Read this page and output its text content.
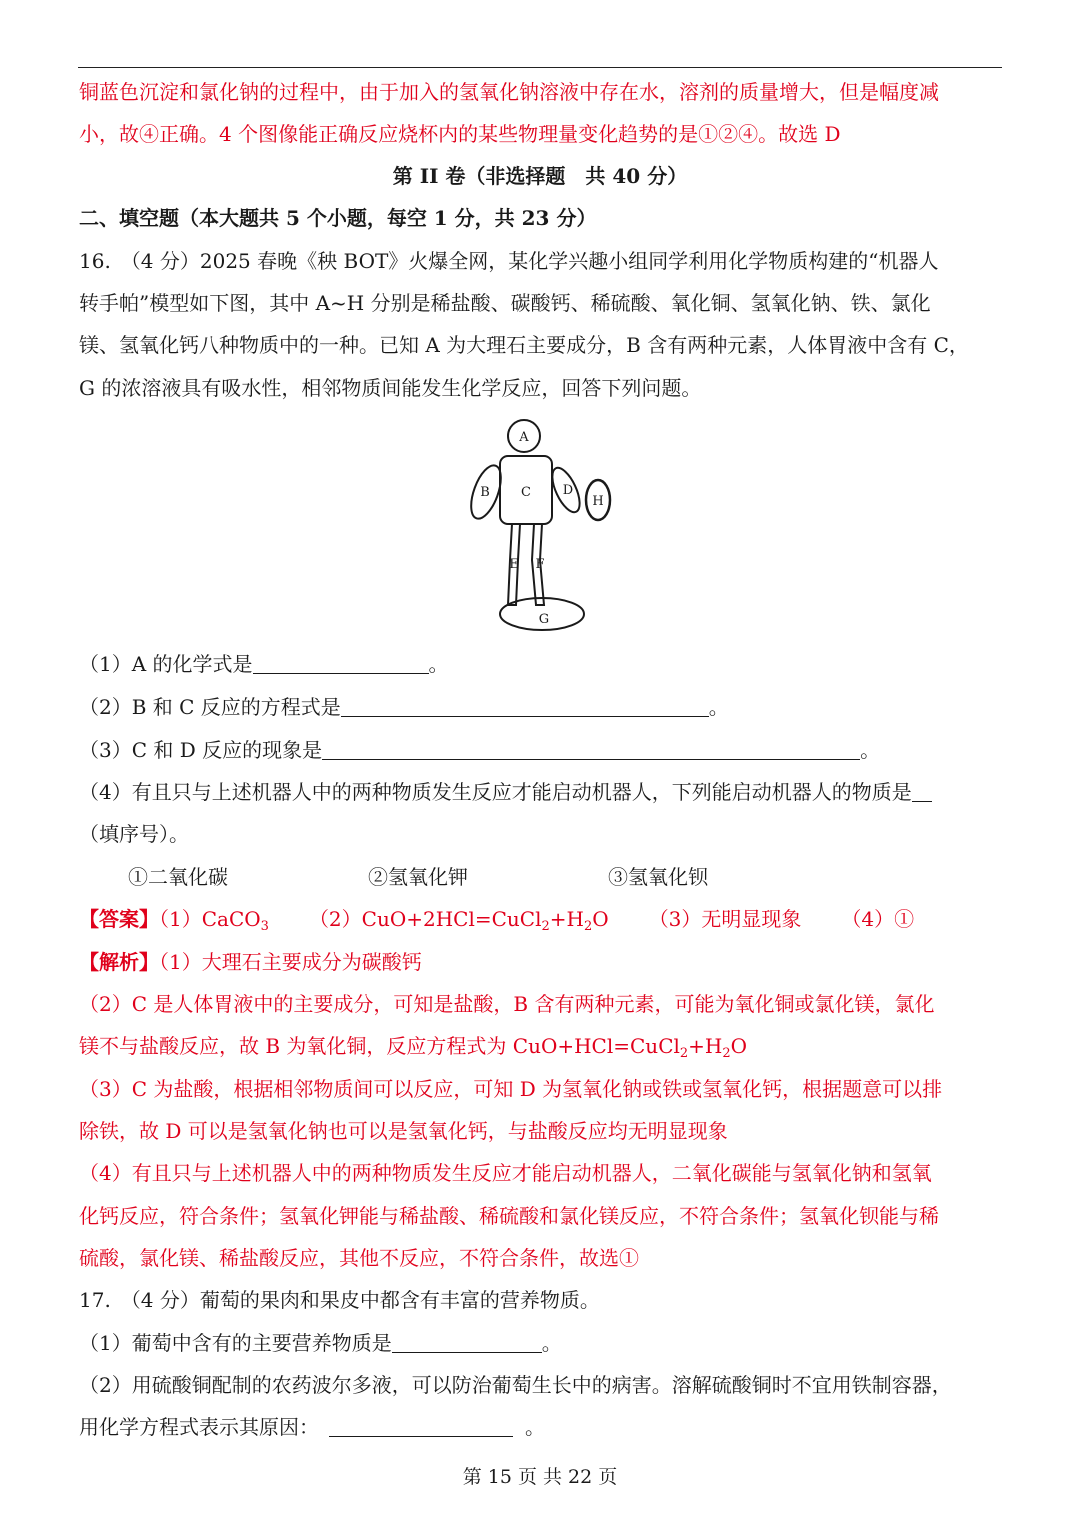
铜蓝色沉淀和氯化钠的过程中，由于加入的氢氧化钠溶液中存在水，溶剂的质量增大，但是幅度减
小，故④正确。4 个图像能正确反应烧杯内的某些物理量变化趋势的是①②④。故选 D
第 II 卷（非选择题　共 40 分）
二、填空题（本大题共 5 个小题，每空 1 分，共 23 分）
16.　（4 分）2025 春晚《秧 BOT》火爆全网，某化学兴趣小组同学利用化学物质构建的“机器人
转手帕”模型如下图，其中 A~H 分别是稀盐酸、碳酸钙、稀硫酸、氧化铜、氢氧化钠、铁、氯化
镁、氢氧化钙八种物质中的一种。已知 A 为大理石主要成分，B 含有两种元素，人体胃液中含有 C，
G 的浓溶液具有吸水性，相邻物质间能发生化学反应，回答下列问题。
A
B C D
H
E F
G
（1）A 的化学式是	。
（2）B 和 C 反应的方程式是	。
（3）C 和 D 反应的现象是	。
（4）有且只与上述机器人中的两种物质发生反应才能启动机器人，下列能启动机器人的物质是
（填序号）。
①二氧化碳	②氢氧化钾	③氢氧化钡
【答案】（1）CaCO$_3$ $(2)CuO+2HCl=CuCl_2+H_2O$ （3）无明显现象 （4）①
【解析】（1）大理石主要成分为碳酸钙
（2）C 是人体胃液中的主要成分，可知是盐酸，B 含有两种元素，可能为氧化铜或氯化镁，氯化
镁不与盐酸反应，故 B 为氧化铜，反应方程式为 $CuO+HCl=CuCl_2+H_2O$
（3）C 为盐酸，根据相邻物质间可以反应，可知 D 为氢氧化钠或铁或氢氧化钙，根据题意可以排
除铁，故 D 可以是氢氧化钠也可以是氢氧化钙，与盐酸反应均无明显现象
（4）有且只与上述机器人中的两种物质发生反应才能启动机器人，二氧化碳能与氢氧化钠和氢氧
化钙反应，符合条件；氢氧化钾能与稀盐酸、稀硫酸和氯化镁反应，不符合条件；氢氧化钡能与稀
硫酸，氯化镁、稀盐酸反应，其他不反应，不符合条件，故选①
17.　（4 分）葡萄的果肉和果皮中都含有丰富的营养物质。
（1）葡萄中含有的主要营养物质是	。
（2）用硫酸铜配制的农药波尔多液，可以防治葡萄生长中的病害。溶解硫酸铜时不宜用铁制容器，
用化学方程式表示其原因：	。
第 15 页 共 22 页
